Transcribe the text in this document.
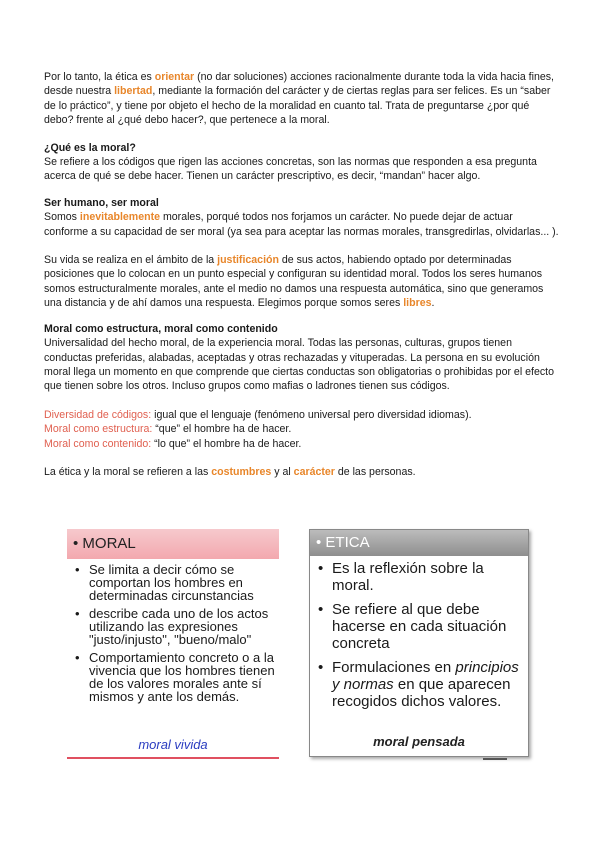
Por lo tanto, la ética es orientar (no dar soluciones) acciones racionalmente durante toda la vida hacia fines, desde nuestra libertad, mediante la formación del carácter y de ciertas reglas para ser felices. Es un “saber de lo práctico”, y tiene por objeto el hecho de la moralidad en cuanto tal. Trata de preguntarse ¿por qué debo? frente al ¿qué debo hacer?, que pertenece a la moral.

¿Qué es la moral?

Se refiere a los códigos que rigen las acciones concretas, son las normas que responden a esa pregunta acerca de qué se debe hacer. Tienen un carácter prescriptivo, es decir, “mandan” hacer algo.

Ser humano, ser moral

Somos inevitablemente morales, porqué todos nos forjamos un carácter. No puede dejar de actuar conforme a su capacidad de ser moral (ya sea para aceptar las normas morales, transgredirlas, olvidarlas... ).

Su vida se realiza en el ámbito de la justificación de sus actos, habiendo optado por determinadas posiciones que lo colocan en un punto especial y configuran su identidad moral. Todos los seres humanos somos estructuralmente morales, ante el medio no damos una respuesta automática, sino que generamos una distancia y de ahí damos una respuesta. Elegimos porque somos seres libres.

Moral como estructura, moral como contenido

Universalidad del hecho moral, de la experiencia moral. Todas las personas, culturas, grupos tienen conductas preferidas, alabadas, aceptadas y otras rechazadas y vituperadas. La persona en su evolución moral llega un momento en que comprende que ciertas conductas son obligatorias o prohibidas por el efecto que tienen sobre los otros. Incluso grupos como mafias o ladrones tienen sus códigos.

Diversidad de códigos: igual que el lenguaje (fenómeno universal pero diversidad idiomas).

Moral como estructura: “que” el hombre ha de hacer.

Moral como contenido: “lo que” el hombre ha de hacer.

La ética y la moral se refieren a las costumbres y al carácter de las personas.

• MORAL
• Se limita a decir cómo se comportan los hombres en determinadas circunstancias
• describe cada uno de los actos utilizando las expresiones "justo/injusto", "bueno/malo"
• Comportamiento concreto o a la vivencia que los hombres tienen de los valores morales ante sí mismos y ante los demás.
moral vivida
• ETICA
• Es la reflexión sobre la moral.
• Se refiere al que debe hacerse en cada situación concreta
• Formulaciones en principios y normas en que aparecen recogidos dichos valores.
moral pensada
